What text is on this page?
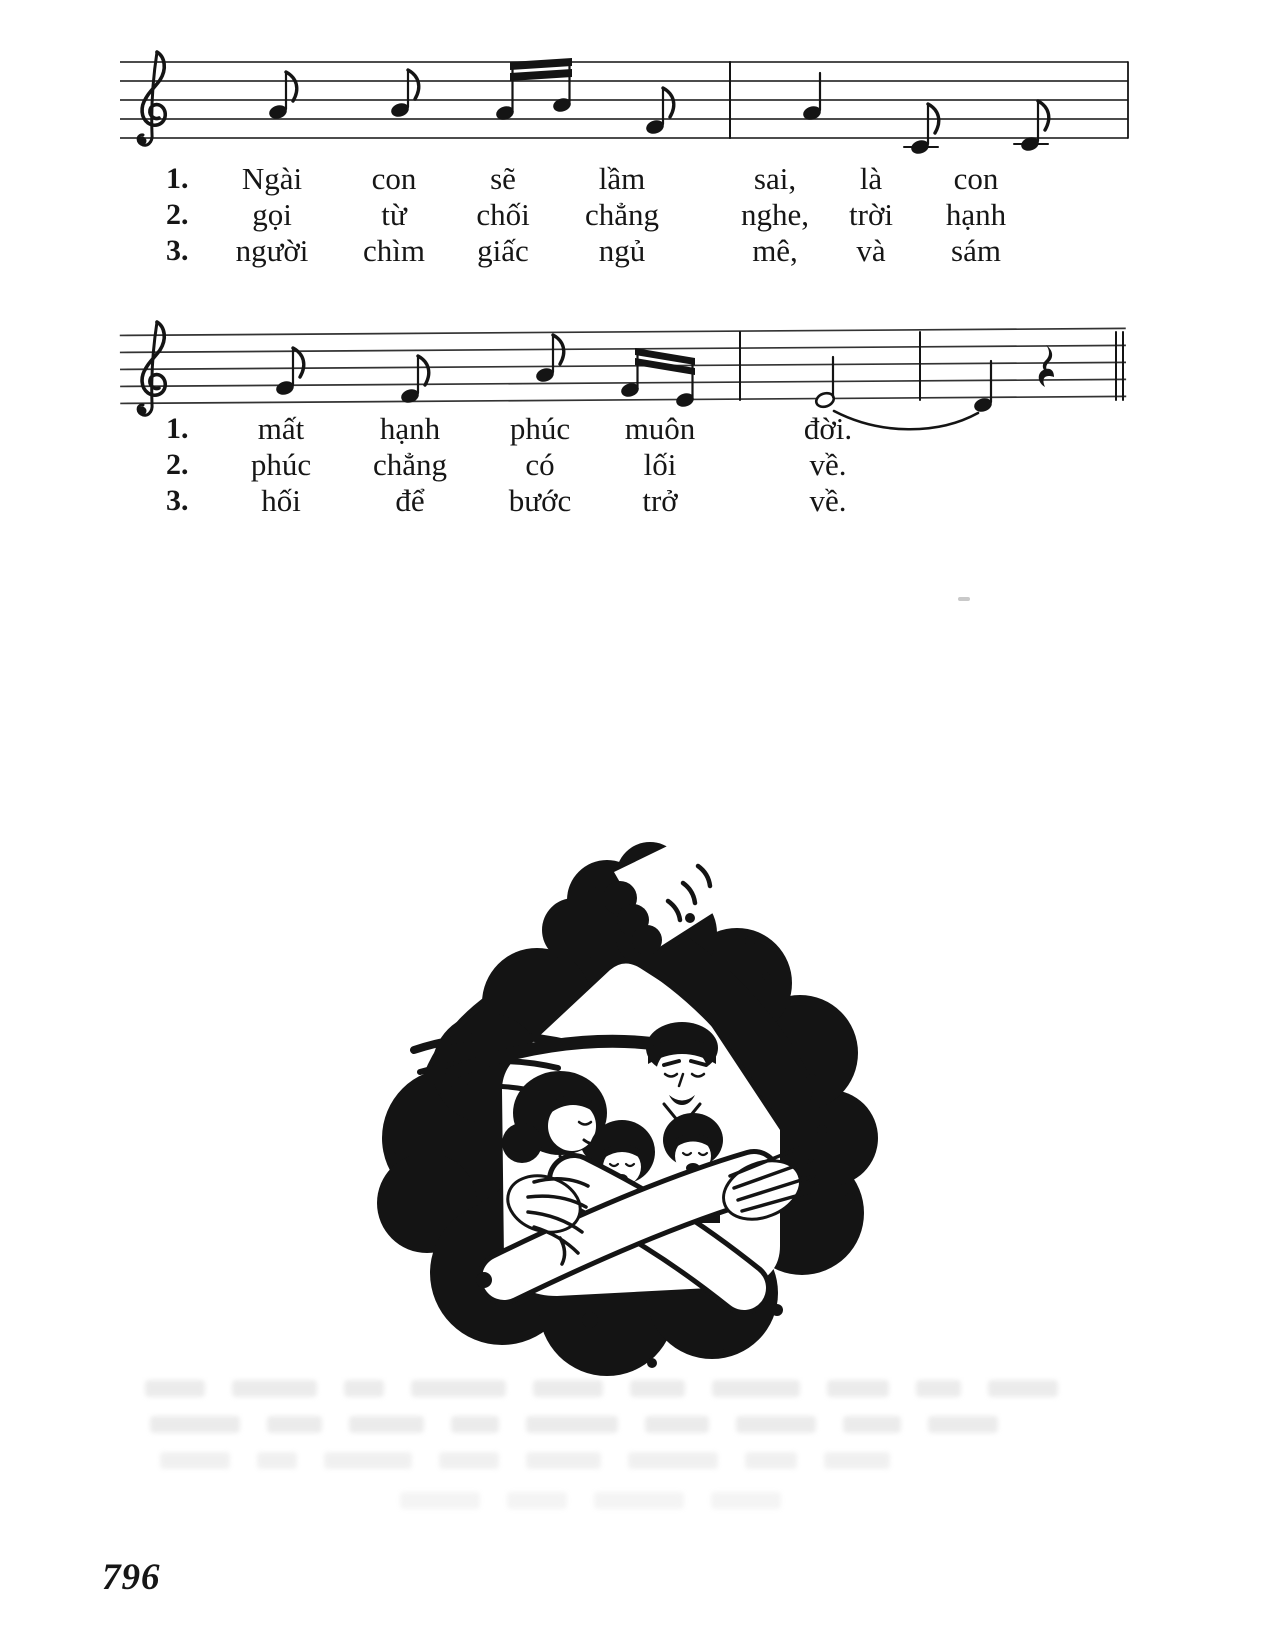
1. Ngài con sẽ	lầm	sai, là con
2. gọi	từ chối chẳng	nghe, trời hạnh
3. người chìm giấc ngủ	mê, và sám
1. mất hạnh phúc muôn	đời.
2. phúc chẳng	có	lối	về.
3. hối	để	bước trở	về.
796
